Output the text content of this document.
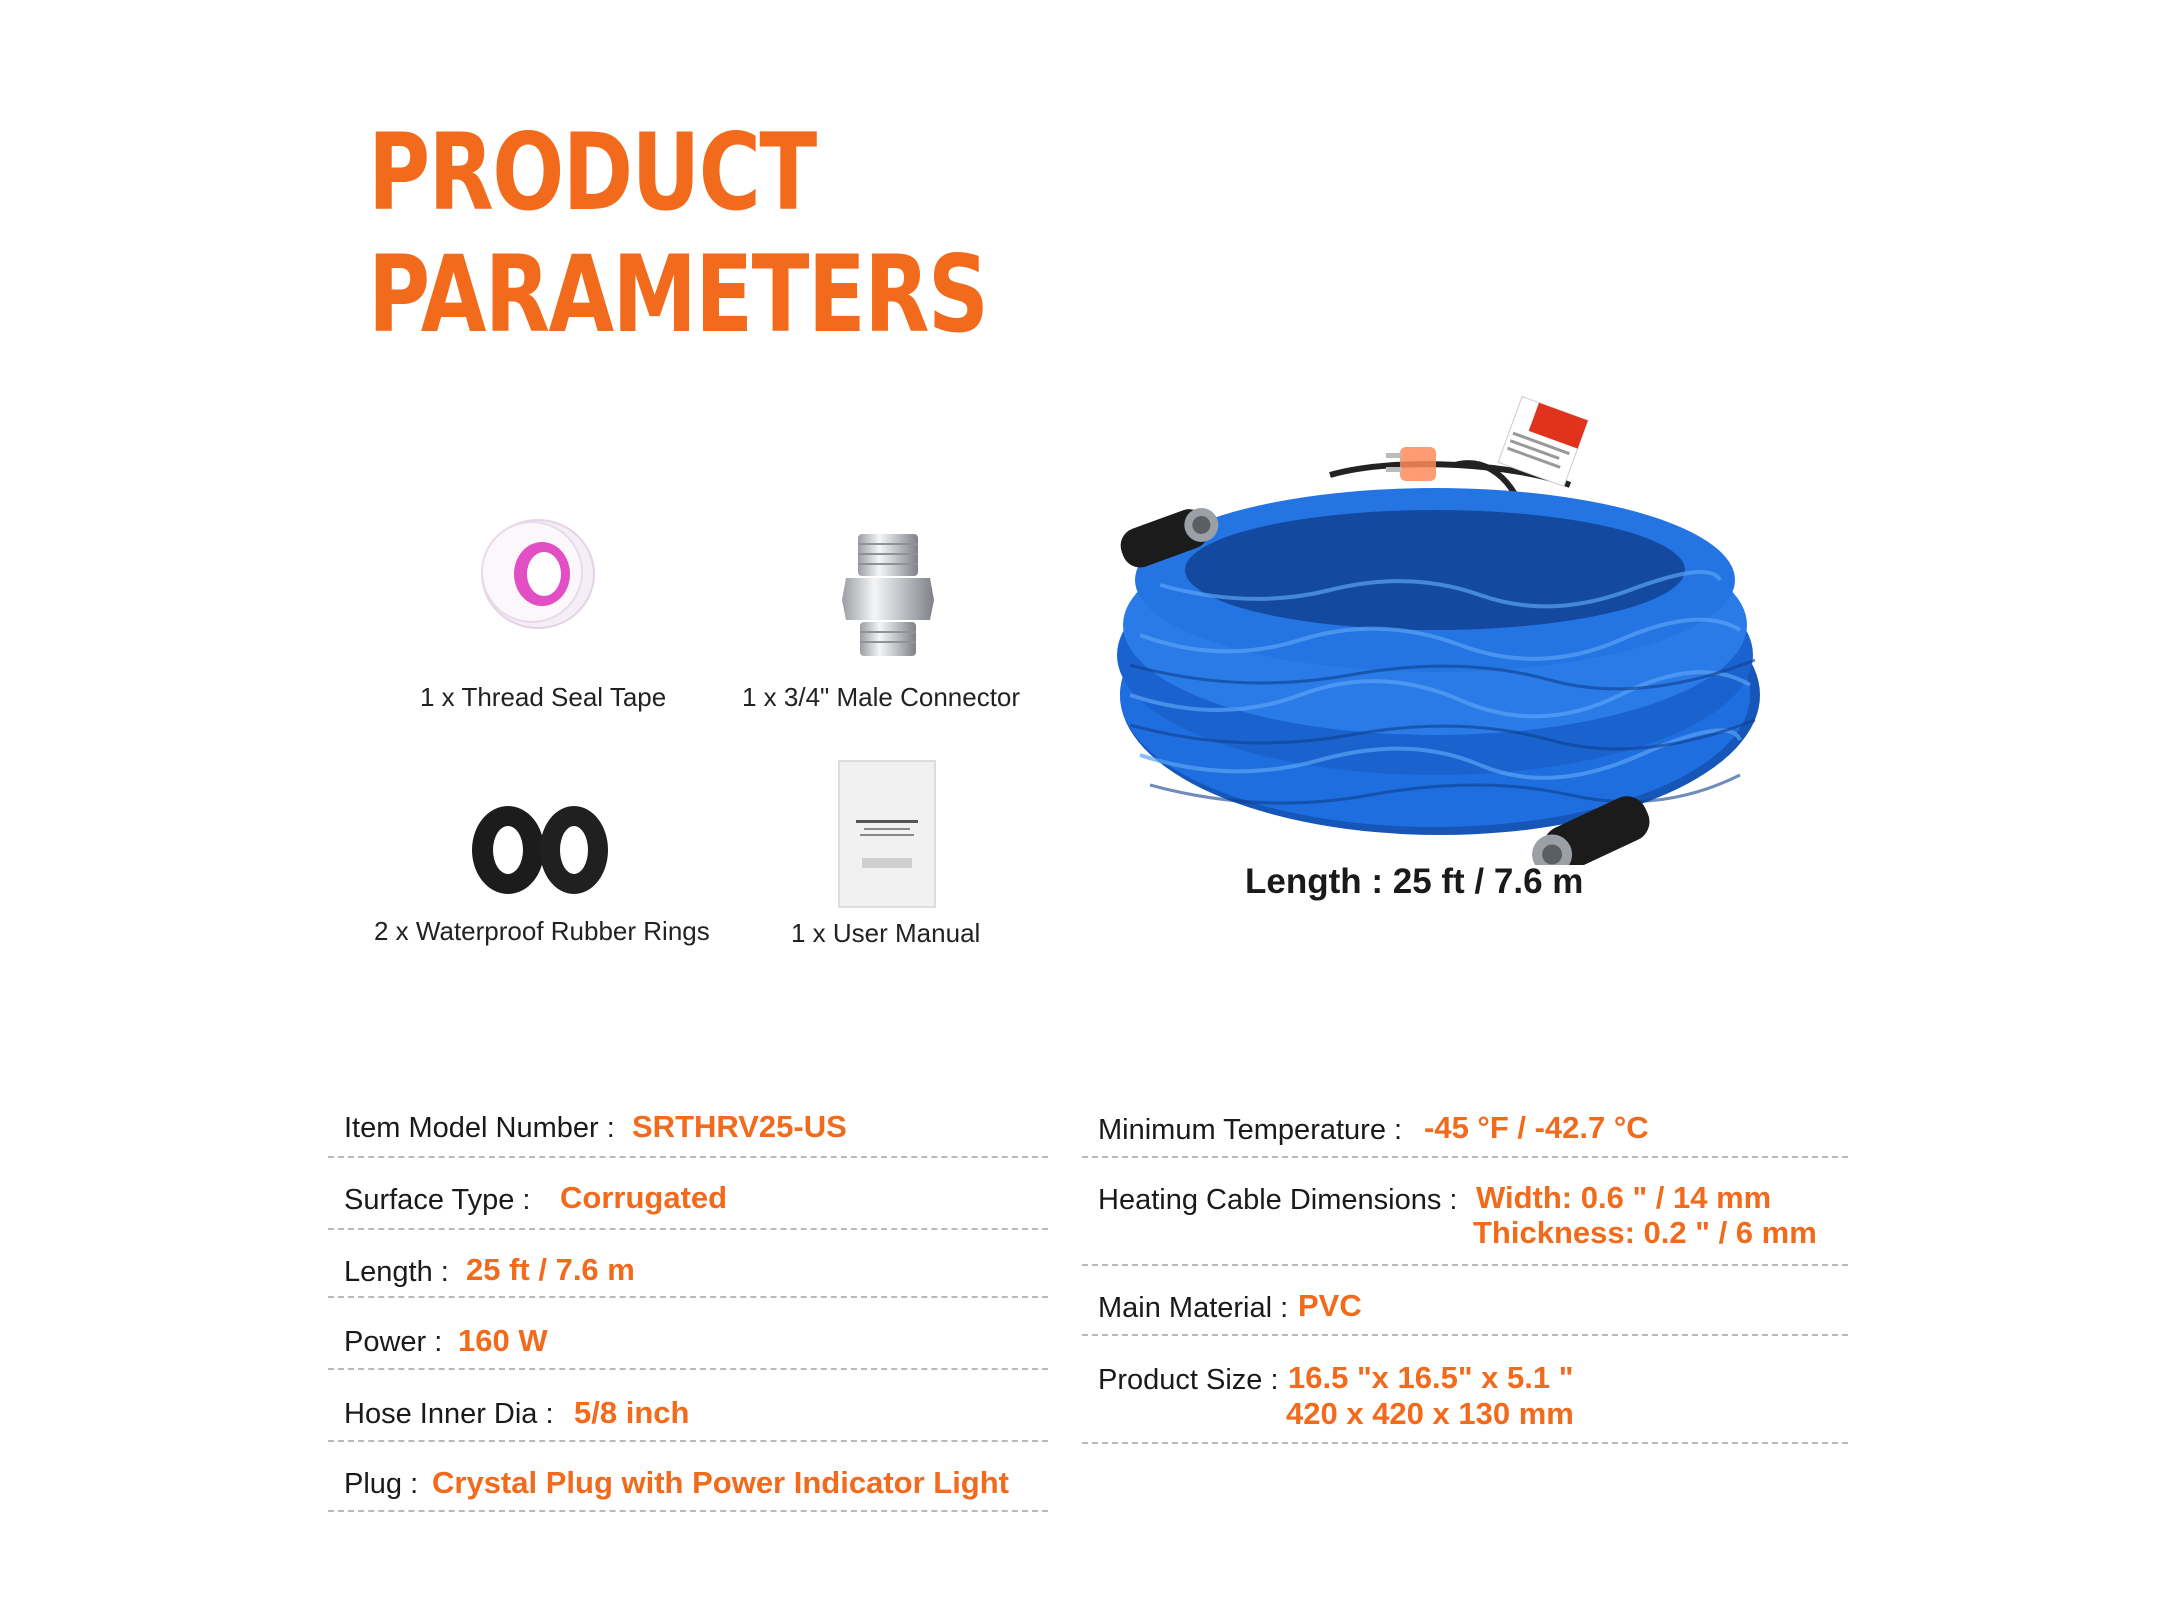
PRODUCT
PARAMETERS
1 x Thread Seal Tape	1 x 3/4" Male Connector
2 x Waterproof Rubber Rings	1 x User Manual
Length : 25 ft / 7.6 m
Item Model Number : SRTHRV25-US
Surface Type : Corrugated
Length : 25 ft / 7.6 m
Power : 160 W
Hose Inner Dia : 5/8 inch
Plug : Crystal Plug with Power Indicator Light
Minimum Temperature : -45 °F / -42.7 °C
Heating Cable Dimensions : Width: 0.6 " / 14 mm
Thickness: 0.2 " / 6 mm
Main Material : PVC
Product Size : 16.5 "x 16.5" x 5.1 "
420 x 420 x 130 mm
